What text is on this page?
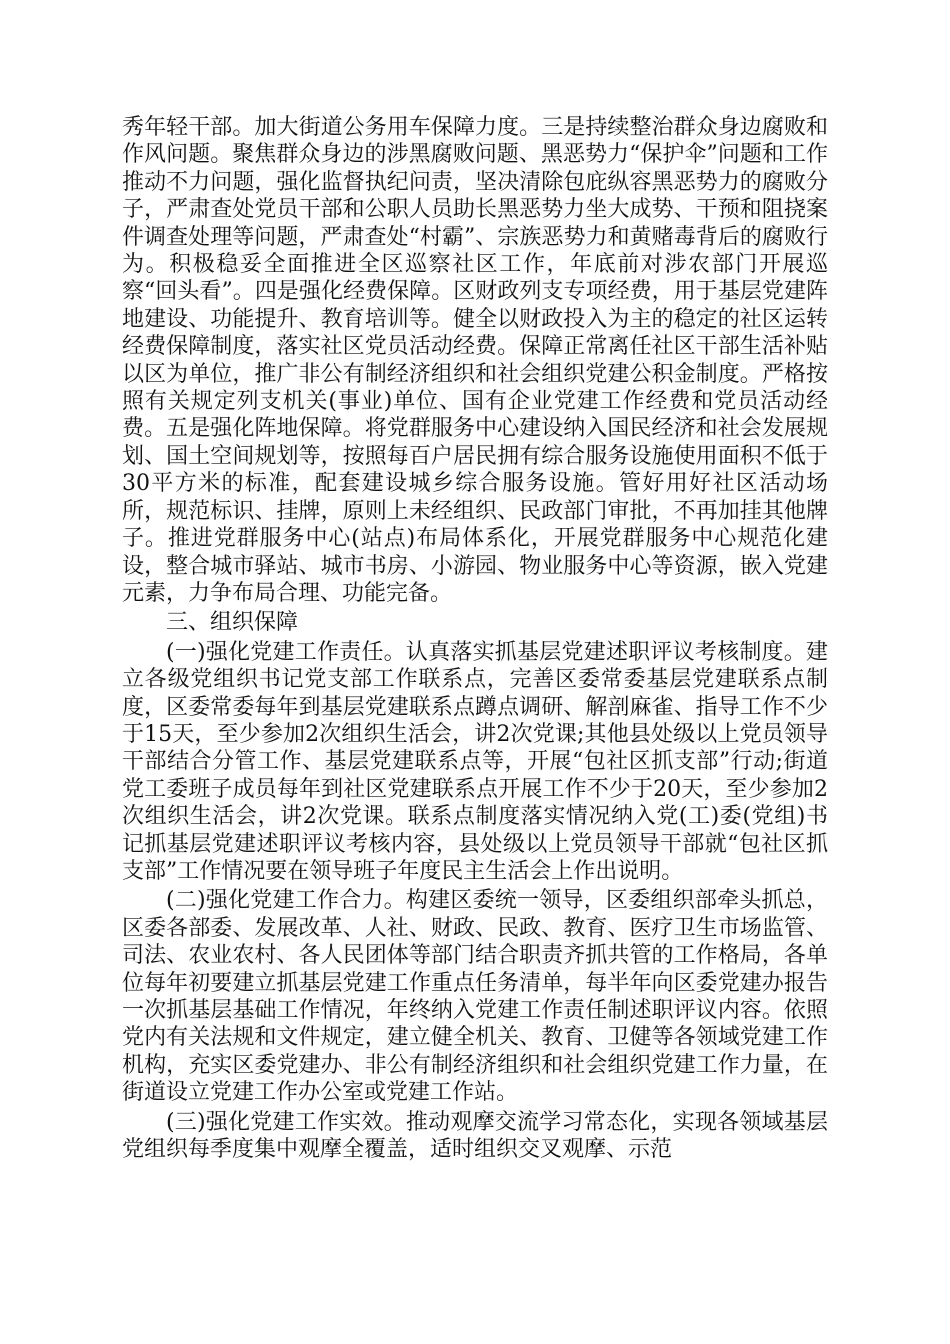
秀年轻干部。加大街道公务用车保障力度。三是持续整治群众身边腐败和作风问题。聚焦群众身边的涉黑腐败问题、黑恶势力“保护伞”问题和工作推动不力问题，强化监督执纪问责，坚决清除包庇纵容黑恶势力的腐败分子，严肃查处党员干部和公职人员助长黑恶势力坐大成势、干预和阻挠案件调查处理等问题，严肃查处“村霸”、宗族恶势力和黄赌毒背后的腐败行为。积极稳妥全面推进全区巡察社区工作，年底前对涉农部门开展巡察“回头看”。四是强化经费保障。区财政列支专项经费，用于基层党建阵地建设、功能提升、教育培训等。健全以财政投入为主的稳定的社区运转经费保障制度，落实社区党员活动经费。保障正常离任社区干部生活补贴以区为单位，推广非公有制经济组织和社会组织党建公积金制度。严格按照有关规定列支机关(事业)单位、国有企业党建工作经费和党员活动经费。五是强化阵地保障。将党群服务中心建设纳入国民经济和社会发展规划、国土空间规划等，按照每百户居民拥有综合服务设施使用面积不低于30平方米的标准，配套建设城乡综合服务设施。管好用好社区活动场所，规范标识、挂牌，原则上未经组织、民政部门审批，不再加挂其他牌子。推进党群服务中心(站点)布局体系化，开展党群服务中心规范化建设，整合城市驿站、城市书房、小游园、物业服务中心等资源，嵌入党建元素，力争布局合理、功能完备。

三、组织保障

(一)强化党建工作责任。认真落实抓基层党建述职评议考核制度。建立各级党组织书记党支部工作联系点，完善区委常委基层党建联系点制度，区委常委每年到基层党建联系点蹲点调研、解剖麻雀、指导工作不少于15天，至少参加2次组织生活会，讲2次党课;其他县处级以上党员领导干部结合分管工作、基层党建联系点等，开展“包社区抓支部”行动;街道党工委班子成员每年到社区党建联系点开展工作不少于20天，至少参加2次组织生活会，讲2次党课。联系点制度落实情况纳入党(工)委(党组)书记抓基层党建述职评议考核内容，县处级以上党员领导干部就“包社区抓支部”工作情况要在领导班子年度民主生活会上作出说明。

(二)强化党建工作合力。构建区委统一领导，区委组织部牵头抓总，区委各部委、发展改革、人社、财政、民政、教育、医疗卫生市场监管、司法、农业农村、各人民团体等部门结合职责齐抓共管的工作格局，各单位每年初要建立抓基层党建工作重点任务清单，每半年向区委党建办报告一次抓基层基础工作情况，年终纳入党建工作责任制述职评议内容。依照党内有关法规和文件规定，建立健全机关、教育、卫健等各领域党建工作机构，充实区委党建办、非公有制经济组织和社会组织党建工作力量，在街道设立党建工作办公室或党建工作站。

(三)强化党建工作实效。推动观摩交流学习常态化，实现各领域基层党组织每季度集中观摩全覆盖，适时组织交叉观摩、示范
